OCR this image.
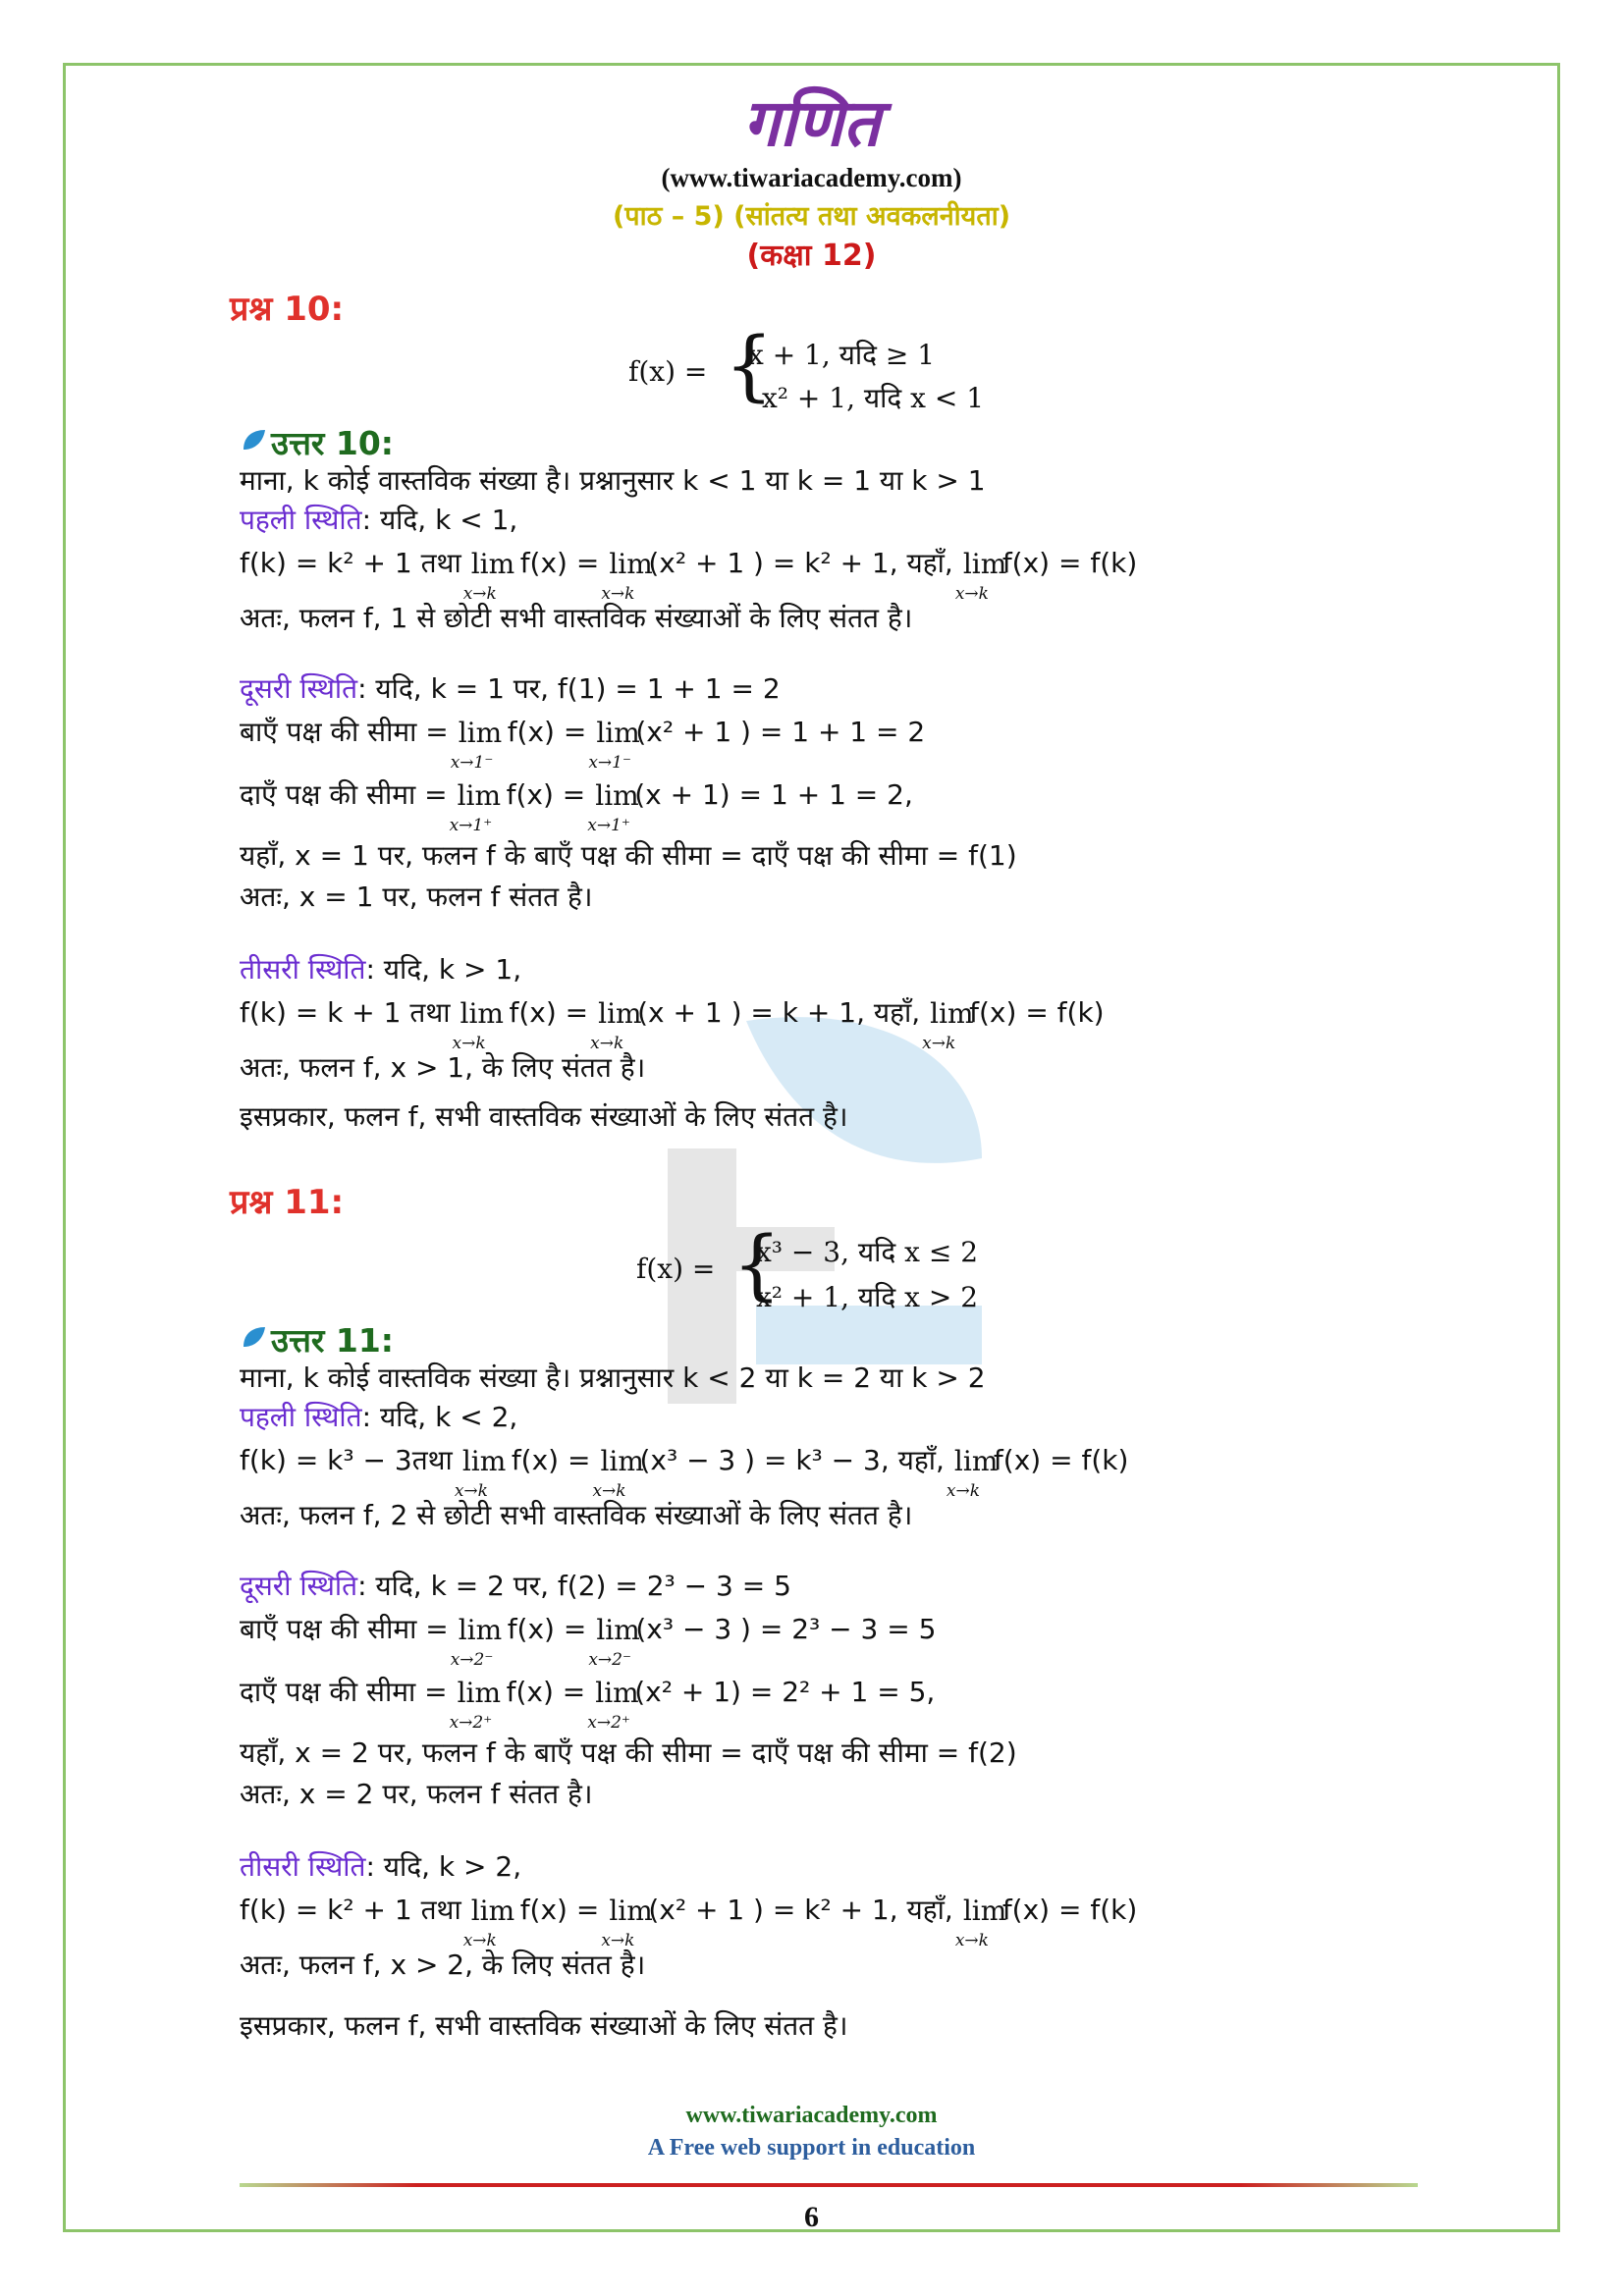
गणित
(www.tiwariacademy.com)
(पाठ – 5) (सांतत्य तथा अवकलनीयता)
(कक्षा 12)
प्रश्न 10:
f(x) = {
x + 1, यदि ≥ 1
x² + 1, यदि x < 1
उत्तर 10:
माना, k कोई वास्तविक संख्या है। प्रश्नानुसार k < 1 या k = 1 या k > 1
पहली स्थिति: यदि, k < 1,
f(k) = k² + 1 तथा lim
x→k
f(x) = lim
x→k
(x² + 1 ) = k² + 1, यहाँ, lim
x→k
f(x) = f(k)
अतः, फलन f, 1 से छोटी सभी वास्तविक संख्याओं के लिए संतत है।
दूसरी स्थिति: यदि, k = 1 पर, f(1) = 1 + 1 = 2
बाएँ पक्ष की सीमा = lim
x→1⁻
f(x) = lim
x→1⁻
(x² + 1 ) = 1 + 1 = 2
दाएँ पक्ष की सीमा = lim
x→1⁺
f(x) = lim
x→1⁺
(x + 1) = 1 + 1 = 2,
यहाँ, x = 1 पर, फलन f के बाएँ पक्ष की सीमा = दाएँ पक्ष की सीमा = f(1)
अतः, x = 1 पर, फलन f संतत है।
तीसरी स्थिति: यदि, k > 1,
f(k) = k + 1 तथा lim
x→k
f(x) = lim
x→k
(x + 1 ) = k + 1, यहाँ, lim
x→k
f(x) = f(k)
अतः, फलन f, x > 1, के लिए संतत है।
इसप्रकार, फलन f, सभी वास्तविक संख्याओं के लिए संतत है।
प्रश्न 11:
f(x) = {
x³ − 3, यदि x ≤ 2
x² + 1, यदि x > 2
उत्तर 11:
माना, k कोई वास्तविक संख्या है। प्रश्नानुसार k < 2 या k = 2 या k > 2
पहली स्थिति: यदि, k < 2,
f(k) = k³ − 3तथा lim
x→k
f(x) = lim
x→k
(x³ − 3 ) = k³ − 3, यहाँ, lim
x→k
f(x) = f(k)
अतः, फलन f, 2 से छोटी सभी वास्तविक संख्याओं के लिए संतत है।
दूसरी स्थिति: यदि, k = 2 पर, f(2) = 2³ − 3 = 5
बाएँ पक्ष की सीमा = lim
x→2⁻
f(x) = lim
x→2⁻
(x³ − 3 ) = 2³ − 3 = 5
दाएँ पक्ष की सीमा = lim
x→2⁺
f(x) = lim
x→2⁺
(x² + 1) = 2² + 1 = 5,
यहाँ, x = 2 पर, फलन f के बाएँ पक्ष की सीमा = दाएँ पक्ष की सीमा = f(2)
अतः, x = 2 पर, फलन f संतत है।
तीसरी स्थिति: यदि, k > 2,
f(k) = k² + 1 तथा lim
x→k
f(x) = lim
x→k
(x² + 1 ) = k² + 1, यहाँ, lim
x→k
f(x) = f(k)
अतः, फलन f, x > 2, के लिए संतत है।
इसप्रकार, फलन f, सभी वास्तविक संख्याओं के लिए संतत है।
www.tiwariacademy.com
A Free web support in education
6
